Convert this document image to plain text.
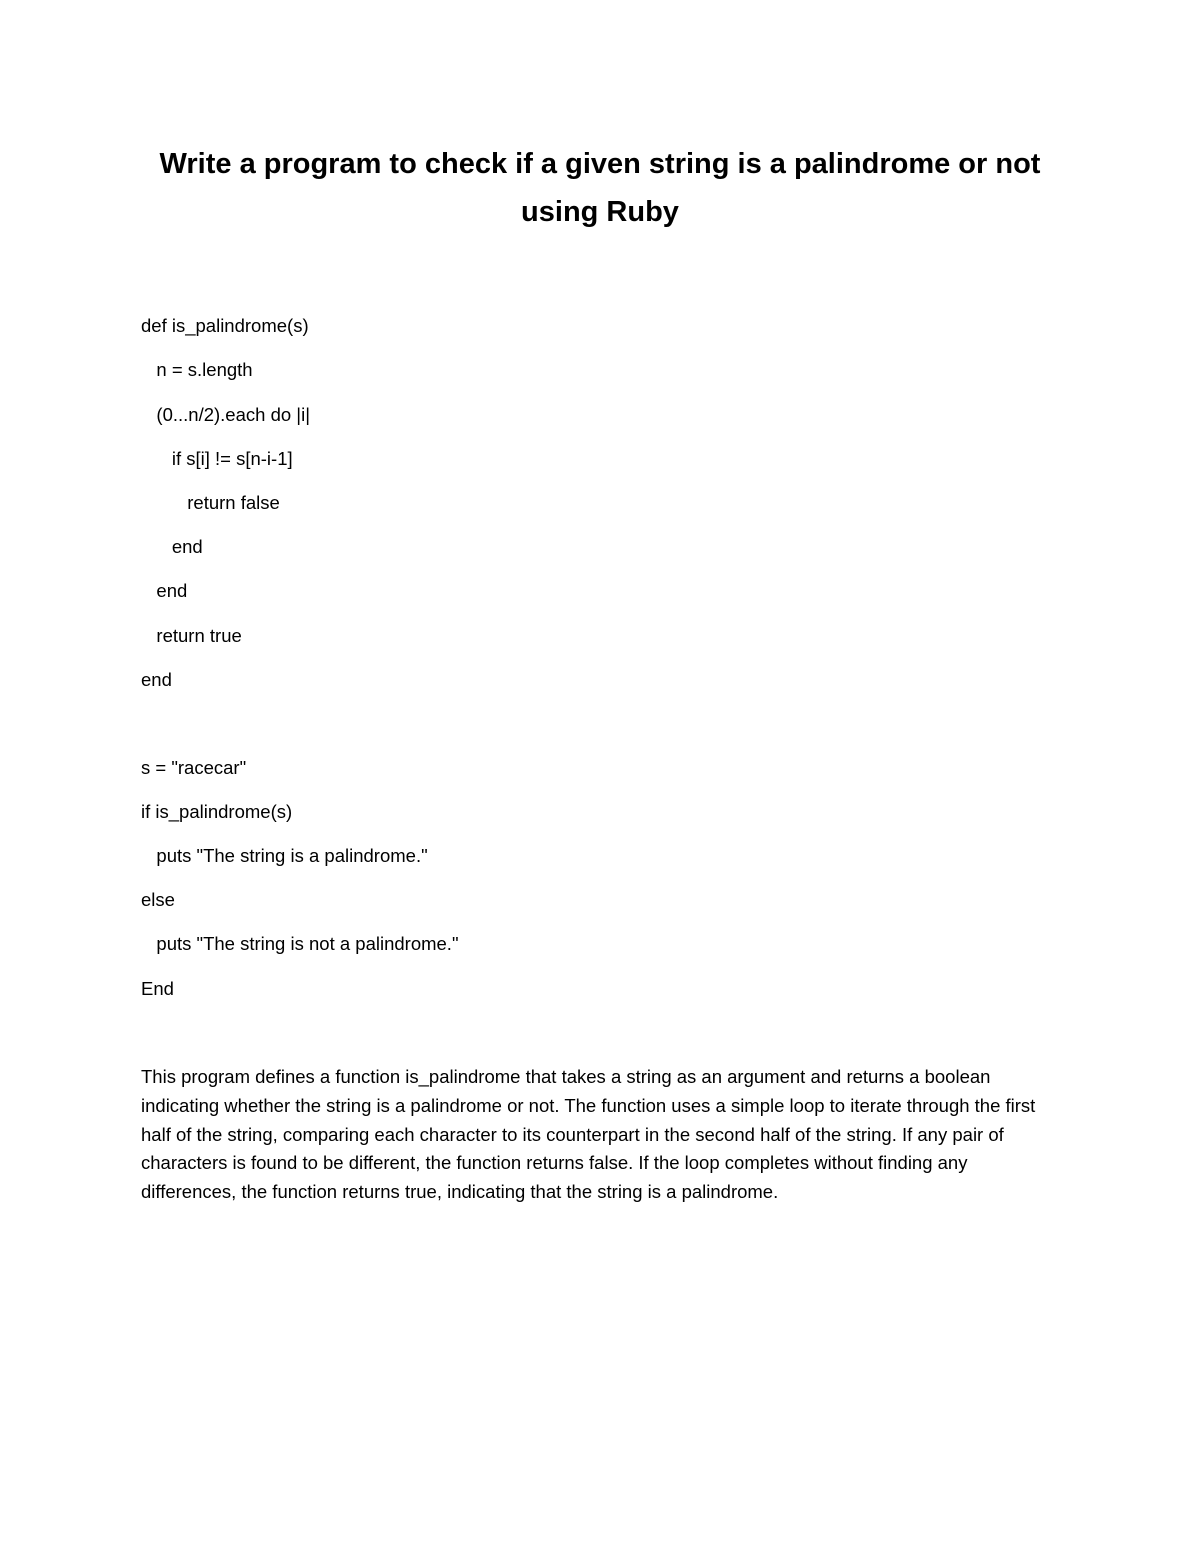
Write a program to check if a given string is a palindrome or not using Ruby
def is_palindrome(s)
n = s.length
(0...n/2).each do |i|
if s[i] != s[n-i-1]
return false
end
end
return true
end
s = "racecar"
if is_palindrome(s)
puts "The string is a palindrome."
else
puts "The string is not a palindrome."
End

This program defines a function is_palindrome that takes a string as an argument and returns a boolean indicating whether the string is a palindrome or not. The function uses a simple loop to iterate through the first half of the string, comparing each character to its counterpart in the second half of the string. If any pair of characters is found to be different, the function returns false. If the loop completes without finding any differences, the function returns true, indicating that the string is a palindrome.
